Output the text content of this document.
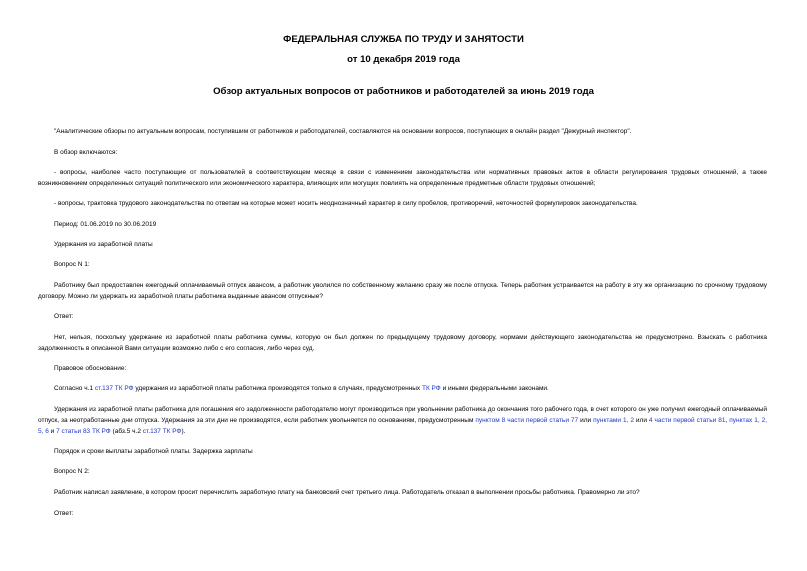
ФЕДЕРАЛЬНАЯ СЛУЖБА ПО ТРУДУ И ЗАНЯТОСТИ

от 10 декабря 2019 года

Обзор актуальных вопросов от работников и работодателей за июнь 2019 года

"Аналитические обзоры по актуальным вопросам, поступившим от работников и работодателей, составляются на основании вопросов, поступающих в онлайн раздел "Дежурный инспектор".

В обзор включаются:

- вопросы, наиболее часто поступающие от пользователей в соответствующем месяце в связи с изменением законодательства или нормативных правовых актов в области регулирования трудовых отношений, а также возникновением определенных ситуаций политического или экономического характера, влияющих или могущих повлиять на определенные предметные области трудовых отношений;

- вопросы, трактовка трудового законодательства по ответам на которые может носить неоднозначный характер в силу пробелов, противоречий, неточностей формулировок законодательства.

Период: 01.06.2019 по 30.06.2019

Удержания из заработной платы

Вопрос N 1:

Работнику был предоставлен ежегодный оплачиваемый отпуск авансом, а работник уволился по собственному желанию сразу же после отпуска. Теперь работник устраивается на работу в эту же организацию по срочному трудовому договору. Можно ли удержать из заработной платы работника выданные авансом отпускные?

Ответ:

Нет, нельзя, поскольку удержание из заработной платы работника суммы, которую он был должен по предыдущему трудовому договору, нормами действующего законодательства не предусмотрено. Взыскать с работника задолженность в описанной Вами ситуации возможно либо с его согласия, либо через суд.

Правовое обоснование:

Согласно ч.1 ст.137 ТК РФ удержания из заработной платы работника производятся только в случаях, предусмотренных ТК РФ и иными федеральными законами.

Удержания из заработной платы работника для погашения его задолженности работодателю могут производиться при увольнении работника до окончания того рабочего года, в счет которого он уже получил ежегодный оплачиваемый отпуск, за неотработанные дни отпуска. Удержания за эти дни не производятся, если работник увольняется по основаниям, предусмотренным пунктом 8 части первой статьи 77 или пунктами 1, 2 или 4 части первой статьи 81, пунктах 1, 2, 5, 6 и 7 статьи 83 ТК РФ (абз.5 ч.2 ст.137 ТК РФ).

Порядок и сроки выплаты заработной платы. Задержка зарплаты

Вопрос N 2:

Работник написал заявление, в котором просит перечислить заработную плату на банковский счет третьего лица. Работодатель отказал в выполнении просьбы работника. Правомерно ли это?

Ответ:
